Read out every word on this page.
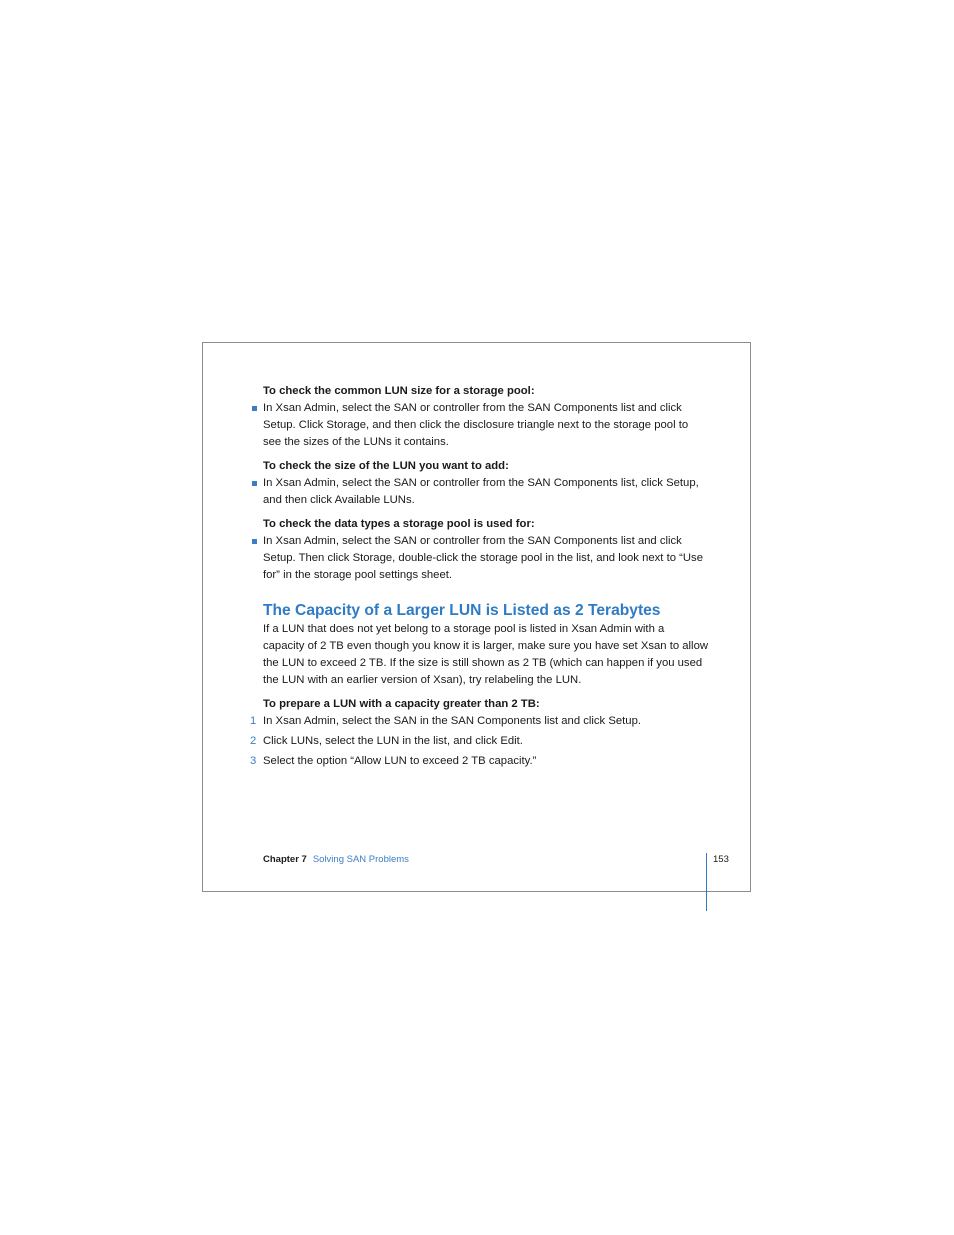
To check the common LUN size for a storage pool:

In Xsan Admin, select the SAN or controller from the SAN Components list and click Setup. Click Storage, and then click the disclosure triangle next to the storage pool to see the sizes of the LUNs it contains.

To check the size of the LUN you want to add:

In Xsan Admin, select the SAN or controller from the SAN Components list, click Setup, and then click Available LUNs.

To check the data types a storage pool is used for:

In Xsan Admin, select the SAN or controller from the SAN Components list and click Setup. Then click Storage, double-click the storage pool in the list, and look next to “Use for” in the storage pool settings sheet.
The Capacity of a Larger LUN is Listed as 2 Terabytes

If a LUN that does not yet belong to a storage pool is listed in Xsan Admin with a capacity of 2 TB even though you know it is larger, make sure you have set Xsan to allow the LUN to exceed 2 TB. If the size is still shown as 2 TB (which can happen if you used the LUN with an earlier version of Xsan), try relabeling the LUN.

To prepare a LUN with a capacity greater than 2 TB:

1 In Xsan Admin, select the SAN in the SAN Components list and click Setup.
2 Click LUNs, select the LUN in the list, and click Edit.
3 Select the option “Allow LUN to exceed 2 TB capacity.”
Chapter 7 Solving SAN Problems	153
